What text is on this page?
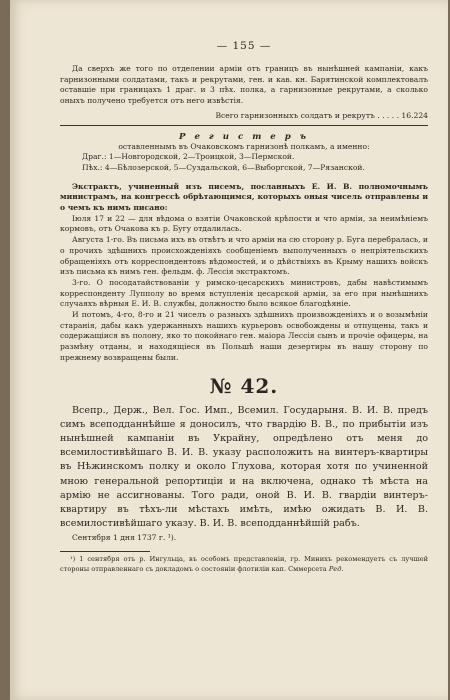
— 155 —

Да сверхъ же того по отделении армiи отъ границъ въ нынѣшней кампанiи, какъ гарнизонными солдатами, такъ и рекрутами, ген. и кав. кн. Барятинской комплектовалъ оставшiе при границахъ 1 драг. и 3 пѣх. полка, а гарнизонные рекрутами, а сколько оныхъ получено требуется отъ него извѣстiя.

Всего гарнизонныхъ солдатъ и рекрутъ . . . . . 16.224
Р е г и с т е р ъ
оставленнымъ въ Очаковскомъ гарнизонѣ полкамъ, а именно:
Драг.: 1—Новгородской, 2—Троицкой, 3—Пермской.
Пѣх.: 4—Бѣлозерской, 5—Суздальской, 6—Выборгской, 7—Рязанской.

Экстрактъ, учиненный изъ писемъ, посланныхъ Е. И. В. полномочнымъ министрамъ, на конгрессѣ обрѣтающимся, которыхъ оныя чисель отправлены и о чемъ къ нимъ писано:

Iюля 17 и 22 — для вѣдома о взятiи Очаковской крѣпости и что армiи, за неимѣнiемъ кормовъ, отъ Очакова къ р. Бугу отдалилась.

Августа 1-го. Въ письма ихъ въ отвѣтъ и что армiи на сю сторону р. Буга перебралась, и о прочихъ здѣшнихъ происхожденiяхъ сообщенiемъ выполученныхъ о непрiятельскихъ обращенiяхъ отъ корреспондентовъ вѣдомостей, и о дѣйствiяхъ въ Крыму нашихъ войскъ изъ письма къ нимъ ген. фельдм. ф. Лессiя экстрактомъ.

3-го. О посодатайствованiи у римско-цесарскихъ министровъ, дабы навѣстимымъ корреспонденту Лупполу во время вступленiя цесарской армiи, за его при нынѣшнихъ случаяхъ вѣрныя Е. И. В. службы, должностю было всякое благодѣянiе.

И потомъ, 4-го, 8-го и 21 чиселъ о разныхъ здѣшнихъ произвожденiяхъ и о возымѣнiи старанiя, дабы какъ удержанныхъ нашихъ курьеровъ освобождены и отпущены, такъ и содержащiися въ полону, яко то покойнаго ген. маiора Лессiя сынъ и прочiе офицеры, на размѣну отданы, и находящiеся въ Польшѣ наши дезертиры въ нашу сторону по прежнему возвращены были.

№ 42.

Всепр., Держ., Вел. Гос. Имп., Всемил. Государыня. В. И. В. предъ симъ всеподданнѣйше я доносилъ, что гвардiю В. В., по прибытiи изъ нынѣшней кампанiи въ Украйну, опредѣлено отъ меня до всемилостивѣйшаго В. И. В. указу расположить на винтеръ-квартиры въ Нѣжинскомъ полку и около Глухова, которая хотя по учиненной мною генеральной репортицiи и на включена, однако тѣ мѣста на армiю не ассигнованы. Того ради, оной В. И. В. гвардiи винтеръ-квартиру въ тѣхъ-ли мѣстахъ имѣть, имѣю ожидать В. И. В. всемилостивѣйшаго указу. В. И. В. всеподданнѣйшiй рабъ.

Сентября 1 дня 1737 г. ¹).

¹) 1 сентября отъ р. Ингульца, въ особомъ представленiи, гр. Минихъ рекомендуетъ съ лучшей стороны отправленнаго съ докладомъ о состоянiи флотилiи кап. Сммерсета Ред.
